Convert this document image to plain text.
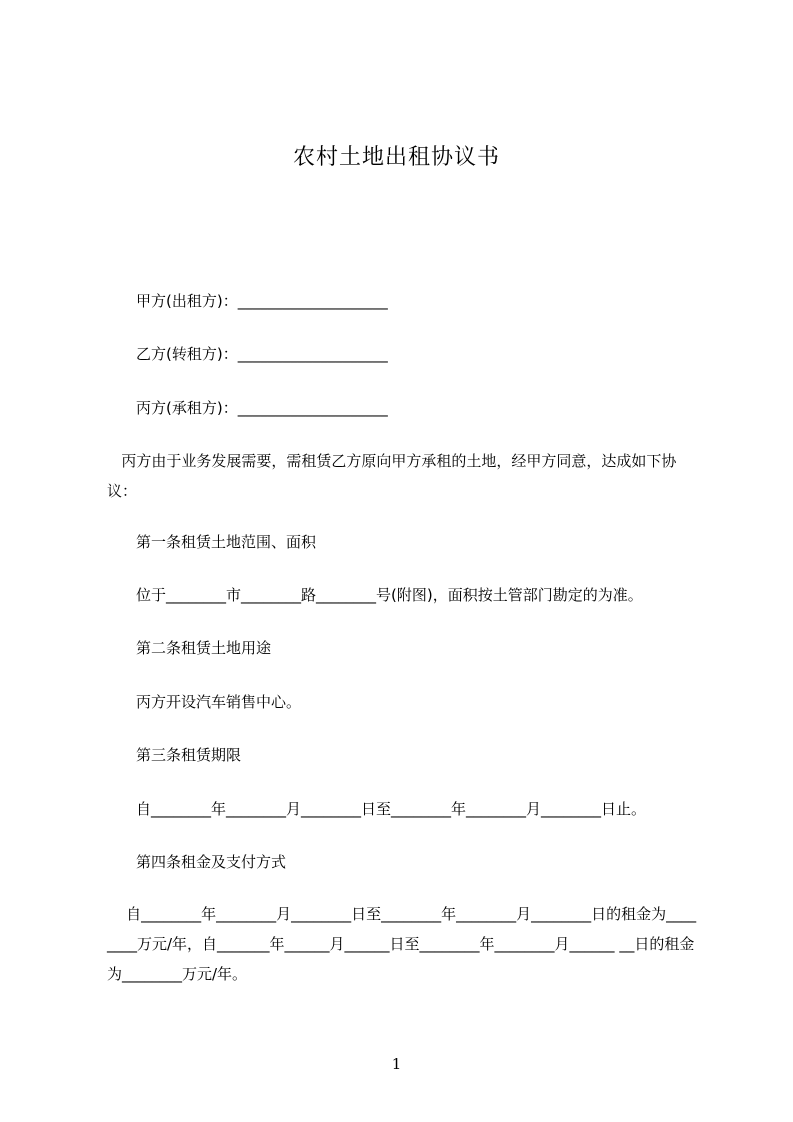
农村土地出租协议书
甲方(出租方)：____________________
乙方(转租方)：____________________
丙方(承租方)：____________________
丙方由于业务发展需要，需租赁乙方原向甲方承租的土地，经甲方同意，达成如下协议：
第一条租赁土地范围、面积
位于________市________路________号(附图)，面积按土管部门勘定的为准。
第二条租赁土地用途
丙方开设汽车销售中心。
第三条租赁期限
自________年________月________日至________年________月________日止。
第四条租金及支付方式
自________年________月________日至________年________月________日的租金为________万元/年，自_______年______月______日至________年________月______ __日的租金为________万元/年。
1
